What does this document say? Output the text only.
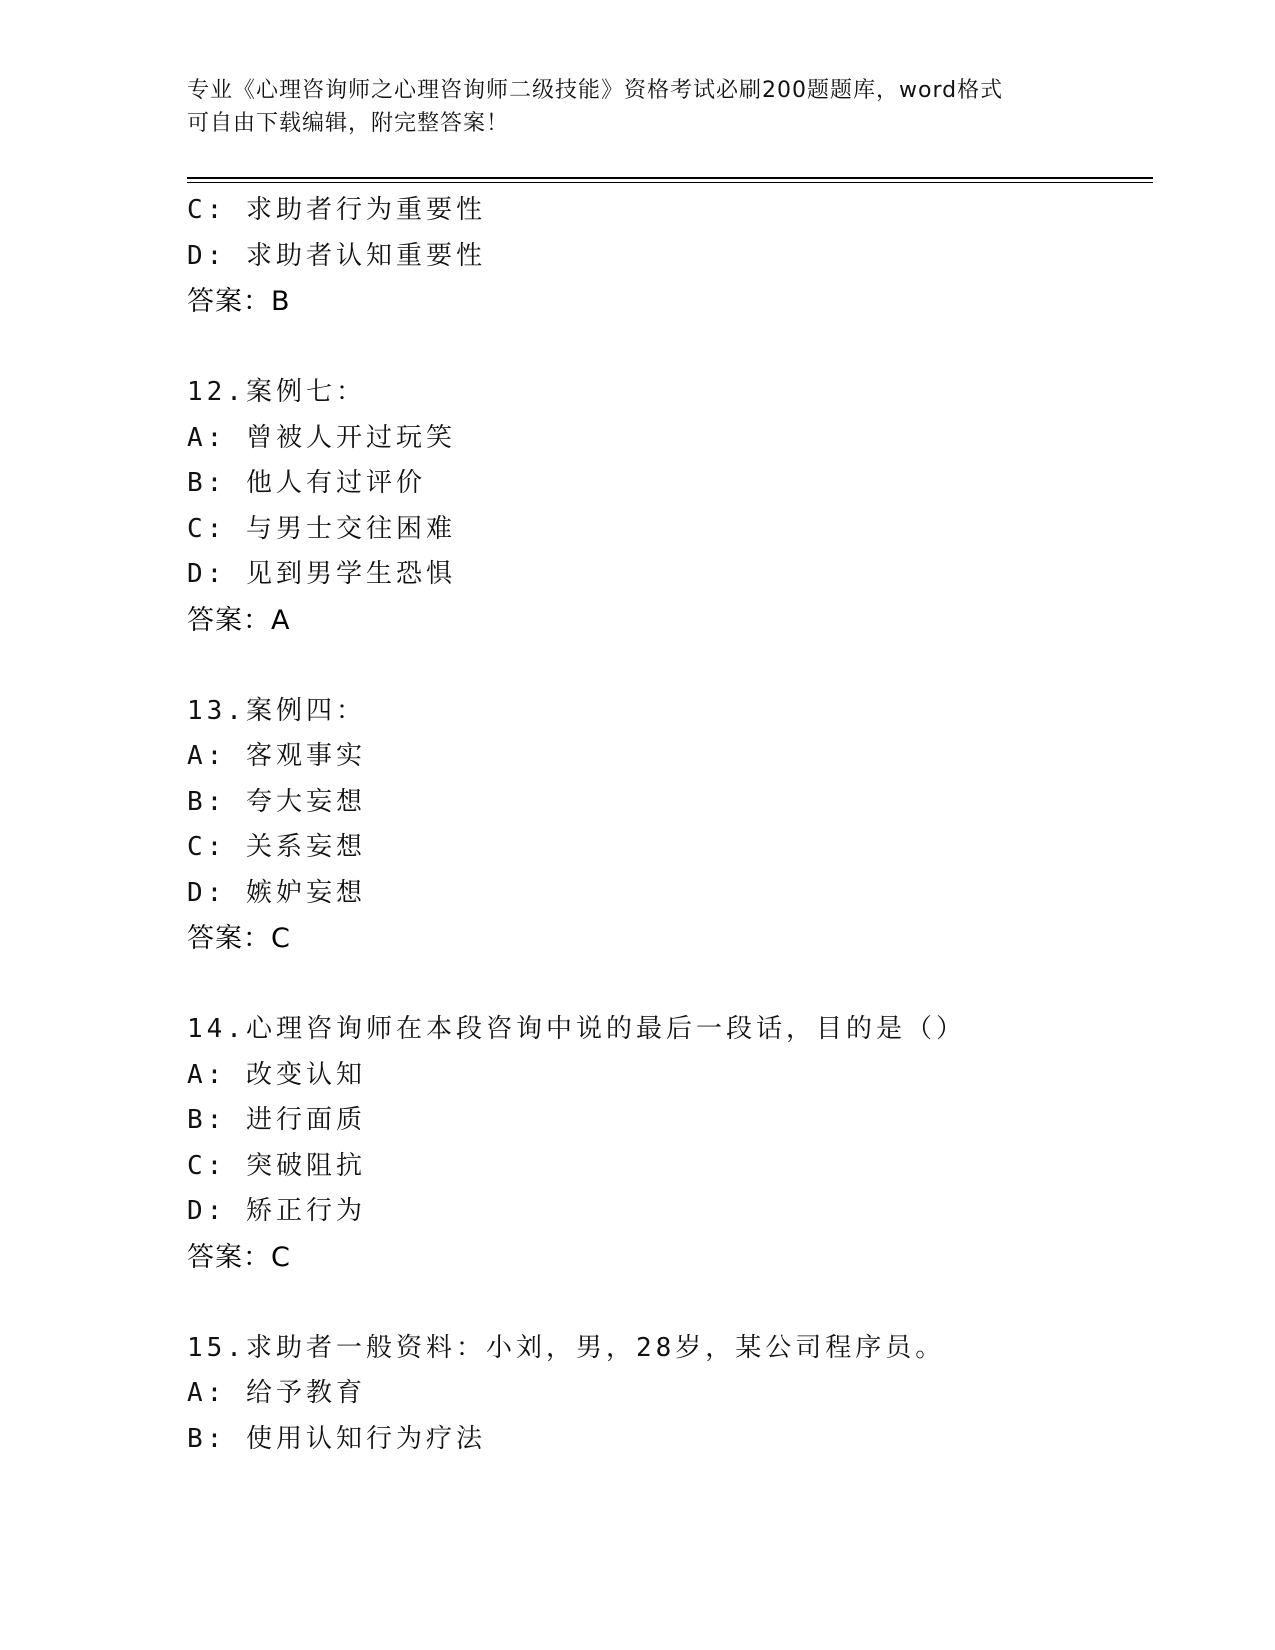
专业《心理咨询师之心理咨询师二级技能》资格考试必刷200题题库，word格式
可自由下载编辑，附完整答案！
C: 求助者行为重要性
D: 求助者认知重要性
答案：B
12.案例七：
A: 曾被人开过玩笑
B: 他人有过评价
C: 与男士交往困难
D: 见到男学生恐惧
答案：A
13.案例四：
A: 客观事实
B: 夸大妄想
C: 关系妄想
D: 嫉妒妄想
答案：C
14.心理咨询师在本段咨询中说的最后一段话，目的是（）
A: 改变认知
B: 进行面质
C: 突破阻抗
D: 矫正行为
答案：C
15.求助者一般资料：小刘，男，28岁，某公司程序员。
A: 给予教育
B: 使用认知行为疗法
